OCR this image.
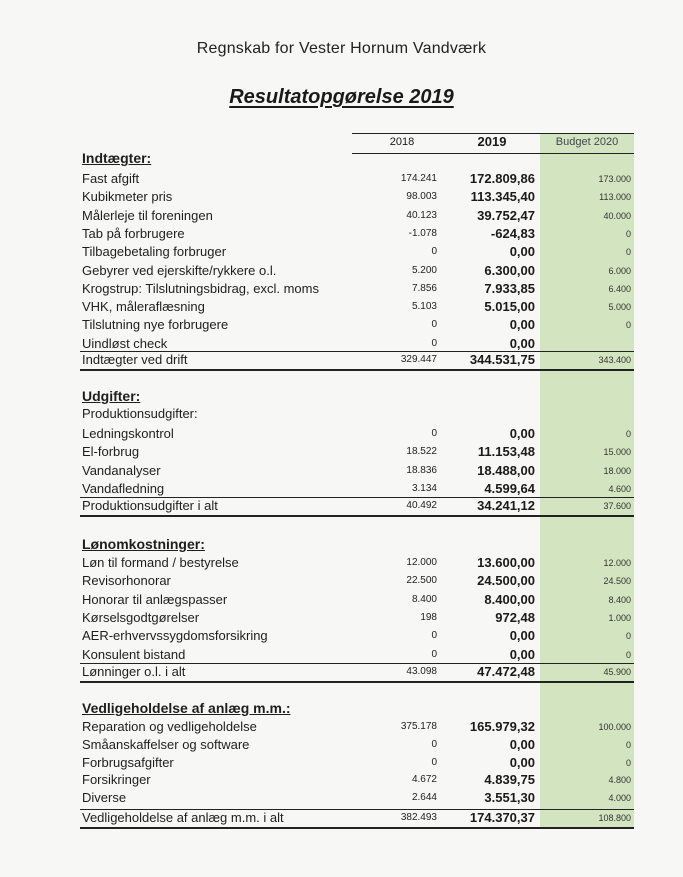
Regnskab for Vester Hornum Vandværk
Resultatopgørelse 2019
2018	2019	Budget 2020
Indtægter:
Fast afgift	174.241	172.809,86	173.000
Kubikmeter pris	98.003	113.345,40	113.000
Målerleje til foreningen	40.123	39.752,47	40.000
Tab på forbrugere	-1.078	-624,83	0
Tilbagebetaling forbruger	0	0,00	0
Gebyrer ved ejerskifte/rykkere o.l.	5.200	6.300,00	6.000
Krogstrup: Tilslutningsbidrag, excl. moms	7.856	7.933,85	6.400
VHK, måleraflæsning	5.103	5.015,00	5.000
Tilslutning nye forbrugere	0	0,00	0
Uindløst check	0	0,00
Indtægter ved drift	329.447	344.531,75	343.400
Udgifter:
Produktionsudgifter:
Ledningskontrol	0	0,00	0
El-forbrug	18.522	11.153,48	15.000
Vandanalyser	18.836	18.488,00	18.000
Vandafledning	3.134	4.599,64	4.600
Produktionsudgifter i alt	40.492	34.241,12	37.600
Lønomkostninger:
Løn til formand / bestyrelse	12.000	13.600,00	12.000
Revisorhonorar	22.500	24.500,00	24.500
Honorar til anlægspasser	8.400	8.400,00	8.400
Kørselsgodtgørelser	198	972,48	1.000
AER-erhvervssygdomsforsikring	0	0,00	0
Konsulent bistand	0	0,00	0
Lønninger o.l. i alt	43.098	47.472,48	45.900
Vedligeholdelse af anlæg m.m.:
Reparation og vedligeholdelse	375.178	165.979,32	100.000
Småanskaffelser og software	0	0,00	0
Forbrugsafgifter	0	0,00	0
Forsikringer	4.672	4.839,75	4.800
Diverse	2.644	3.551,30	4.000
Vedligeholdelse af anlæg m.m. i alt	382.493	174.370,37	108.800
